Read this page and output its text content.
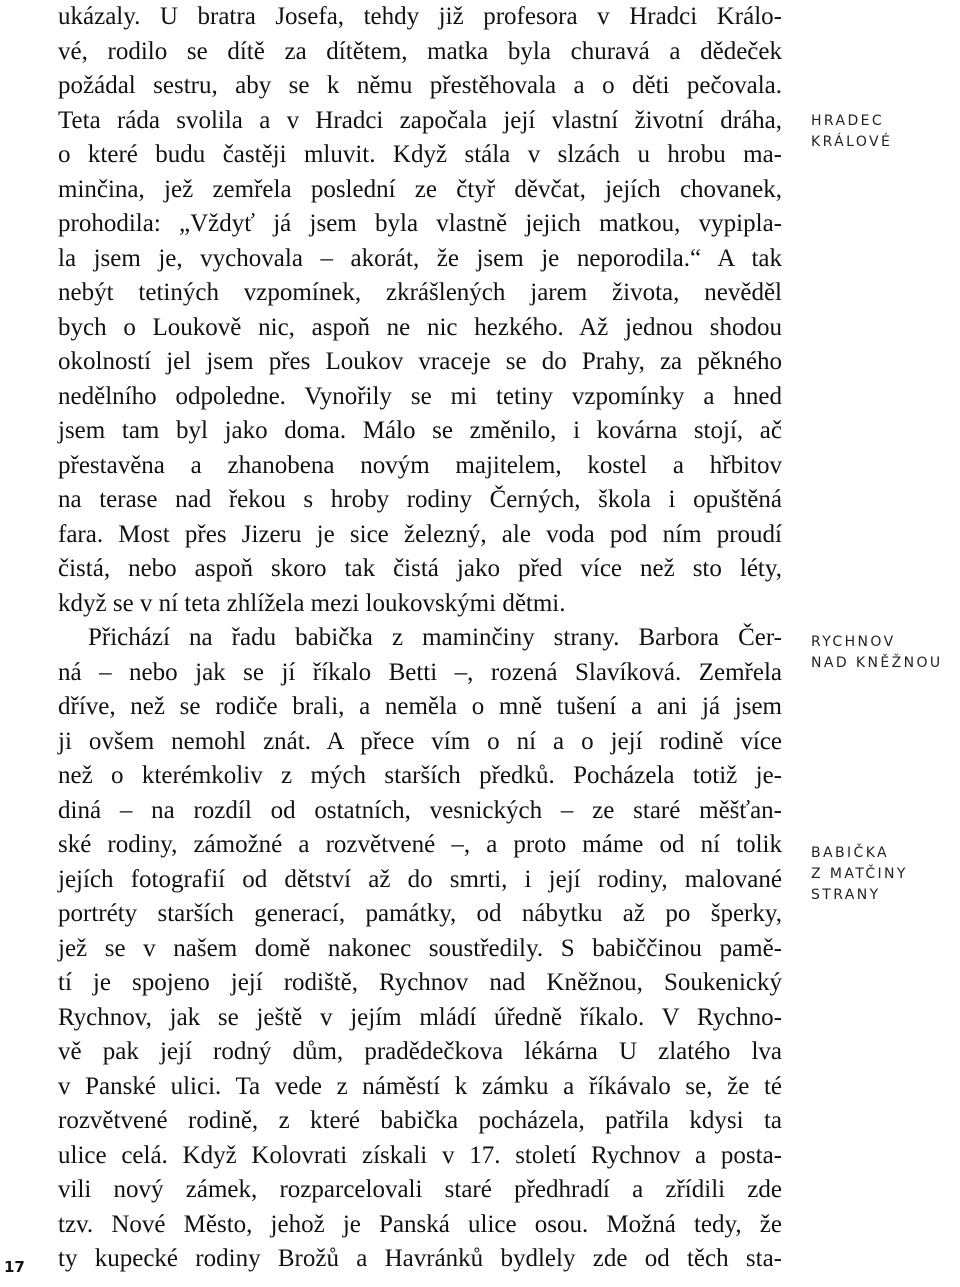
ukázaly. U bratra Josefa, tehdy již profesora v Hradci Králo-
vé, rodilo se dítě za dítětem, matka byla churavá a dědeček
požádal sestru, aby se k němu přestěhovala a o děti pečovala.
Teta ráda svolila a v Hradci započala její vlastní životní dráha,
o které budu častěji mluvit. Když stála v slzách u hrobu ma-
minčina, jež zemřela poslední ze čtyř děvčat, jejích chovanek,
prohodila: „Vždyť já jsem byla vlastně jejich matkou, vypipla-
la jsem je, vychovala – akorát, že jsem je neporodila.“ A tak
nebýt tetiných vzpomínek, zkrášlených jarem života, nevěděl
bych o Loukově nic, aspoň ne nic hezkého. Až jednou shodou
okolností jel jsem přes Loukov vraceje se do Prahy, za pěkného
nedělního odpoledne. Vynořily se mi tetiny vzpomínky a hned
jsem tam byl jako doma. Málo se změnilo, i kovárna stojí, ač
přestavěna a zhanobena novým majitelem, kostel a hřbitov
na terase nad řekou s hroby rodiny Černých, škola i opuštěná
fara. Most přes Jizeru je sice železný, ale voda pod ním proudí
čistá, nebo aspoň skoro tak čistá jako před více než sto léty,
když se v ní teta zhlížela mezi loukovskými dětmi.
Přichází na řadu babička z maminčiny strany. Barbora Čer-
ná – nebo jak se jí říkalo Betti –, rozená Slavíková. Zemřela
dříve, než se rodiče brali, a neměla o mně tušení a ani já jsem
ji ovšem nemohl znát. A přece vím o ní a o její rodině více
než o kterémkoliv z mých starších předků. Pocházela totiž je-
diná – na rozdíl od ostatních, vesnických – ze staré měšťan-
ské rodiny, zámožné a rozvětvené –, a proto máme od ní tolik
jejích fotografií od dětství až do smrti, i její rodiny, malované
portréty starších generací, památky, od nábytku až po šperky,
jež se v našem domě nakonec soustředily. S babiččinou pamě-
tí je spojeno její rodiště, Rychnov nad Kněžnou, Soukenický
Rychnov, jak se ještě v jejím mládí úředně říkalo. V Rychno-
vě pak její rodný dům, pradědečkova lékárna U zlatého lva
v Panské ulici. Ta vede z náměstí k zámku a říkávalo se, že té
rozvětvené rodině, z které babička pocházela, patřila kdysi ta
ulice celá. Když Kolovrati získali v 17. století Rychnov a posta-
vili nový zámek, rozparcelovali staré předhradí a zřídili zde
tzv. Nové Město, jehož je Panská ulice osou. Možná tedy, že
ty kupecké rodiny Brožů a Havránků bydlely zde od těch sta-
HRADEC
KRÁLOVÉ
RYCHNOV
NAD KNĚŽNOU
BABIČKA
Z MATČINY
STRANY
17
